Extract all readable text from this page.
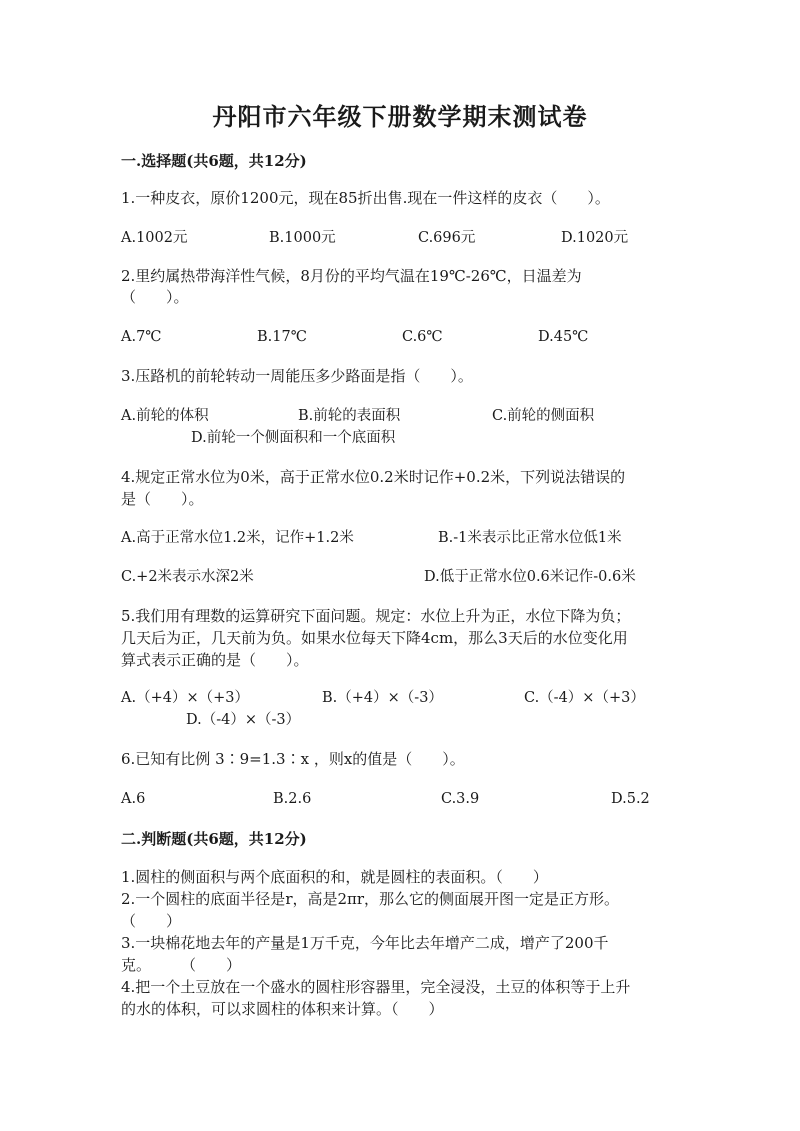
丹阳市六年级下册数学期末测试卷
一.选择题(共6题，共12分)
1.一种皮衣，原价1200元，现在85折出售.现在一件这样的皮衣（　　）。
A.1002元	B.1000元	C.696元	D.1020元
2.里约属热带海洋性气候，8月份的平均气温在19℃-26℃，日温差为
（　　）。
A.7℃	B.17℃	C.6℃	D.45℃
3.压路机的前轮转动一周能压多少路面是指（　　）。
A.前轮的体积	B.前轮的表面积	C.前轮的侧面积
D.前轮一个侧面积和一个底面积
4.规定正常水位为0米，高于正常水位0.2米时记作+0.2米，下列说法错误的
是（　　）。
A.高于正常水位1.2米，记作+1.2米	B.-1米表示比正常水位低1米
C.+2米表示水深2米	D.低于正常水位0.6米记作-0.6米
5.我们用有理数的运算研究下面问题。规定：水位上升为正，水位下降为负；
几天后为正，几天前为负。如果水位每天下降4cm，那么3天后的水位变化用
算式表示正确的是（　　）。
A.（+4）×（+3）	B.（+4）×（-3）	C.（-4）×（+3）
D.（-4）×（-3）
6.已知有比例 3∶9=1.3∶x ，则x的值是（　　）。
A.6	B.2.6	C.3.9	D.5.2
二.判断题(共6题，共12分)
1.圆柱的侧面积与两个底面积的和，就是圆柱的表面积。（　　）
2.一个圆柱的底面半径是r，高是2πr，那么它的侧面展开图一定是正方形。
（　　）
3.一块棉花地去年的产量是1万千克，今年比去年增产二成，增产了200千
克。　　　（　　）
4.把一个土豆放在一个盛水的圆柱形容器里，完全浸没，土豆的体积等于上升
的水的体积，可以求圆柱的体积来计算。（　　）
